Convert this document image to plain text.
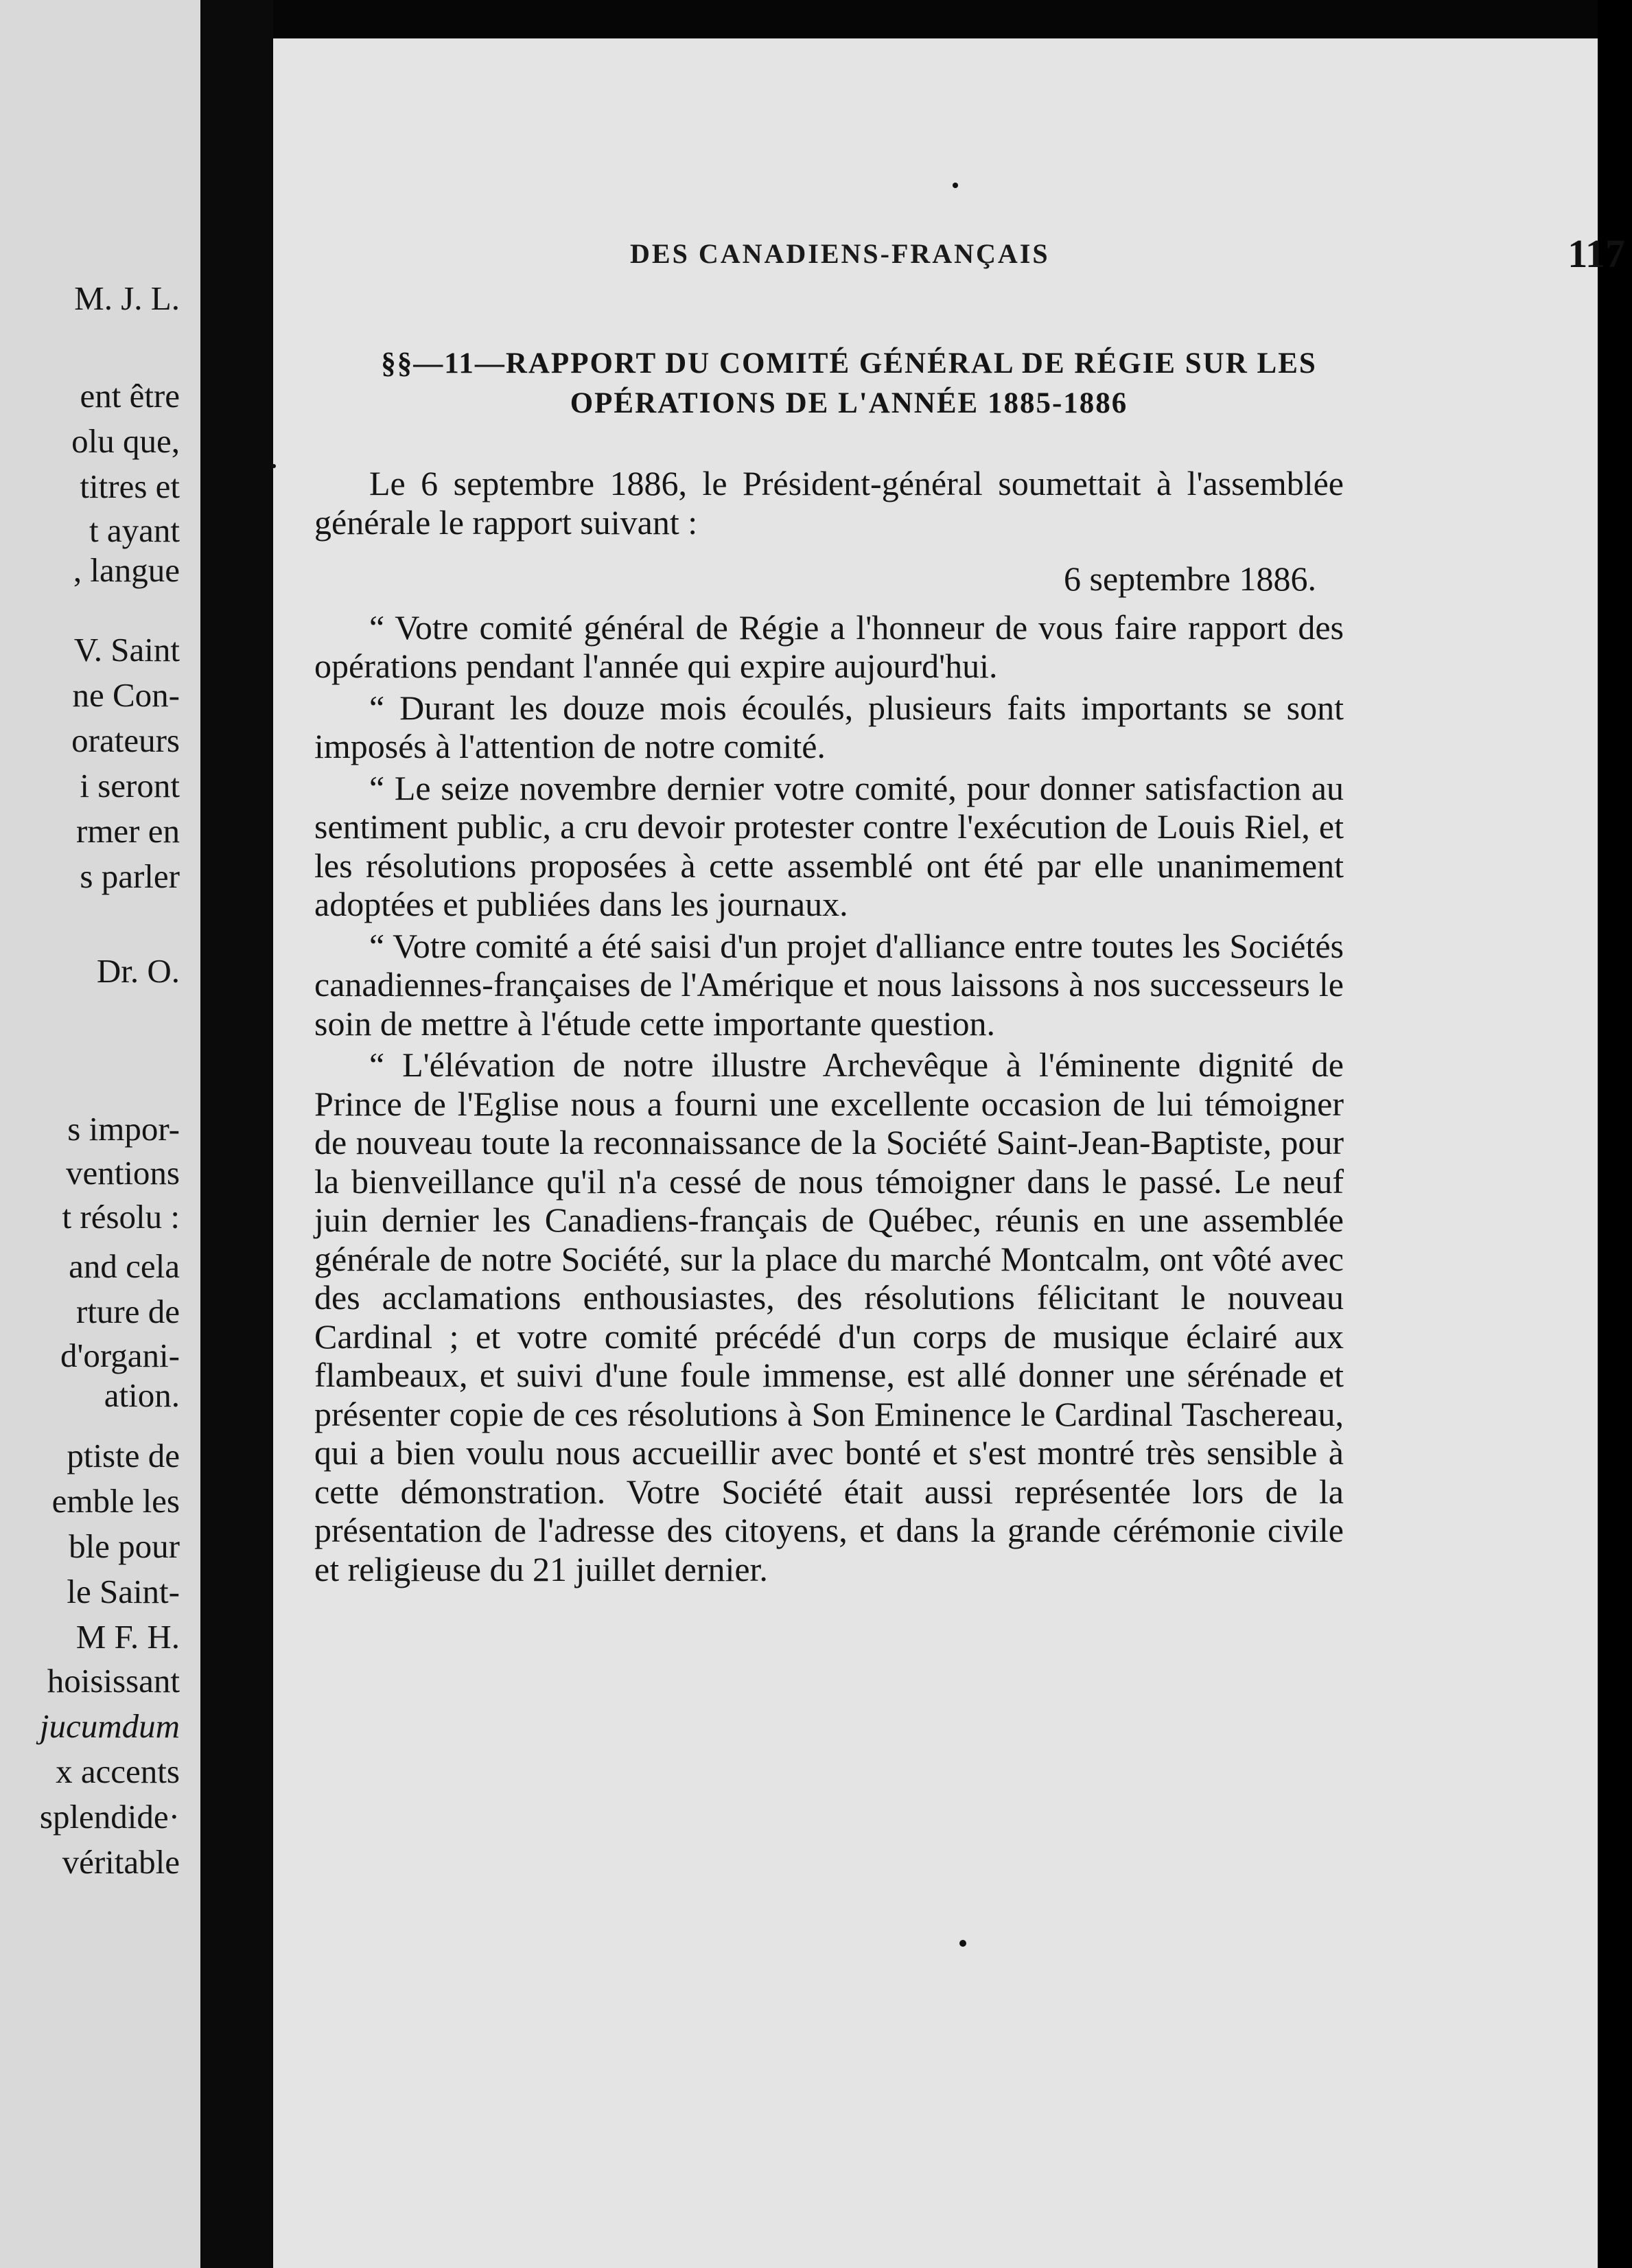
M. J. L.
ent être
olu que,
titres et
t ayant
, langue
V. Saint
ne Con-
orateurs
i seront
rmer en
s parler
Dr. O.
s impor-
ventions
t résolu :
and cela
rture de
d'organi-
ation.
ptiste de
emble les
ble pour
le Saint-
M F. H.
hoisissant
jucumdum
x accents
splendide·
véritable
DES CANADIENS-FRANÇAIS	117
§§—11—RAPPORT DU COMITÉ GÉNÉRAL DE RÉGIE SUR LES
OPÉRATIONS DE L'ANNÉE 1885-1886

Le 6 septembre 1886, le Président-général soumettait à l'assemblée générale le rapport suivant :

6 septembre 1886.

“ Votre comité général de Régie a l'honneur de vous faire rapport des opérations pendant l'année qui expire aujourd'hui.

“ Durant les douze mois écoulés, plusieurs faits importants se sont imposés à l'attention de notre comité.

“ Le seize novembre dernier votre comité, pour donner satisfaction au sentiment public, a cru devoir protester contre l'exécution de Louis Riel, et les résolutions proposées à cette assemblé ont été par elle unanimement adoptées et publiées dans les journaux.

“ Votre comité a été saisi d'un projet d'alliance entre toutes les Sociétés canadiennes-françaises de l'Amérique et nous laissons à nos successeurs le soin de mettre à l'étude cette importante question.

“ L'élévation de notre illustre Archevêque à l'éminente dignité de Prince de l'Eglise nous a fourni une excellente occasion de lui témoigner de nouveau toute la reconnaissance de la Société Saint-Jean-Baptiste, pour la bienveillance qu'il n'a cessé de nous témoigner dans le passé. Le neuf juin dernier les Canadiens-français de Québec, réunis en une assemblée générale de notre Société, sur la place du marché Montcalm, ont vôté avec des acclamations enthousiastes, des résolutions félicitant le nouveau Cardinal ; et votre comité précédé d'un corps de musique éclairé aux flambeaux, et suivi d'une foule immense, est allé donner une sérénade et présenter copie de ces résolutions à Son Eminence le Cardinal Taschereau, qui a bien voulu nous accueillir avec bonté et s'est montré très sensible à cette démonstration. Votre Société était aussi représentée lors de la présentation de l'adresse des citoyens, et dans la grande cérémonie civile et religieuse du 21 juillet dernier.
